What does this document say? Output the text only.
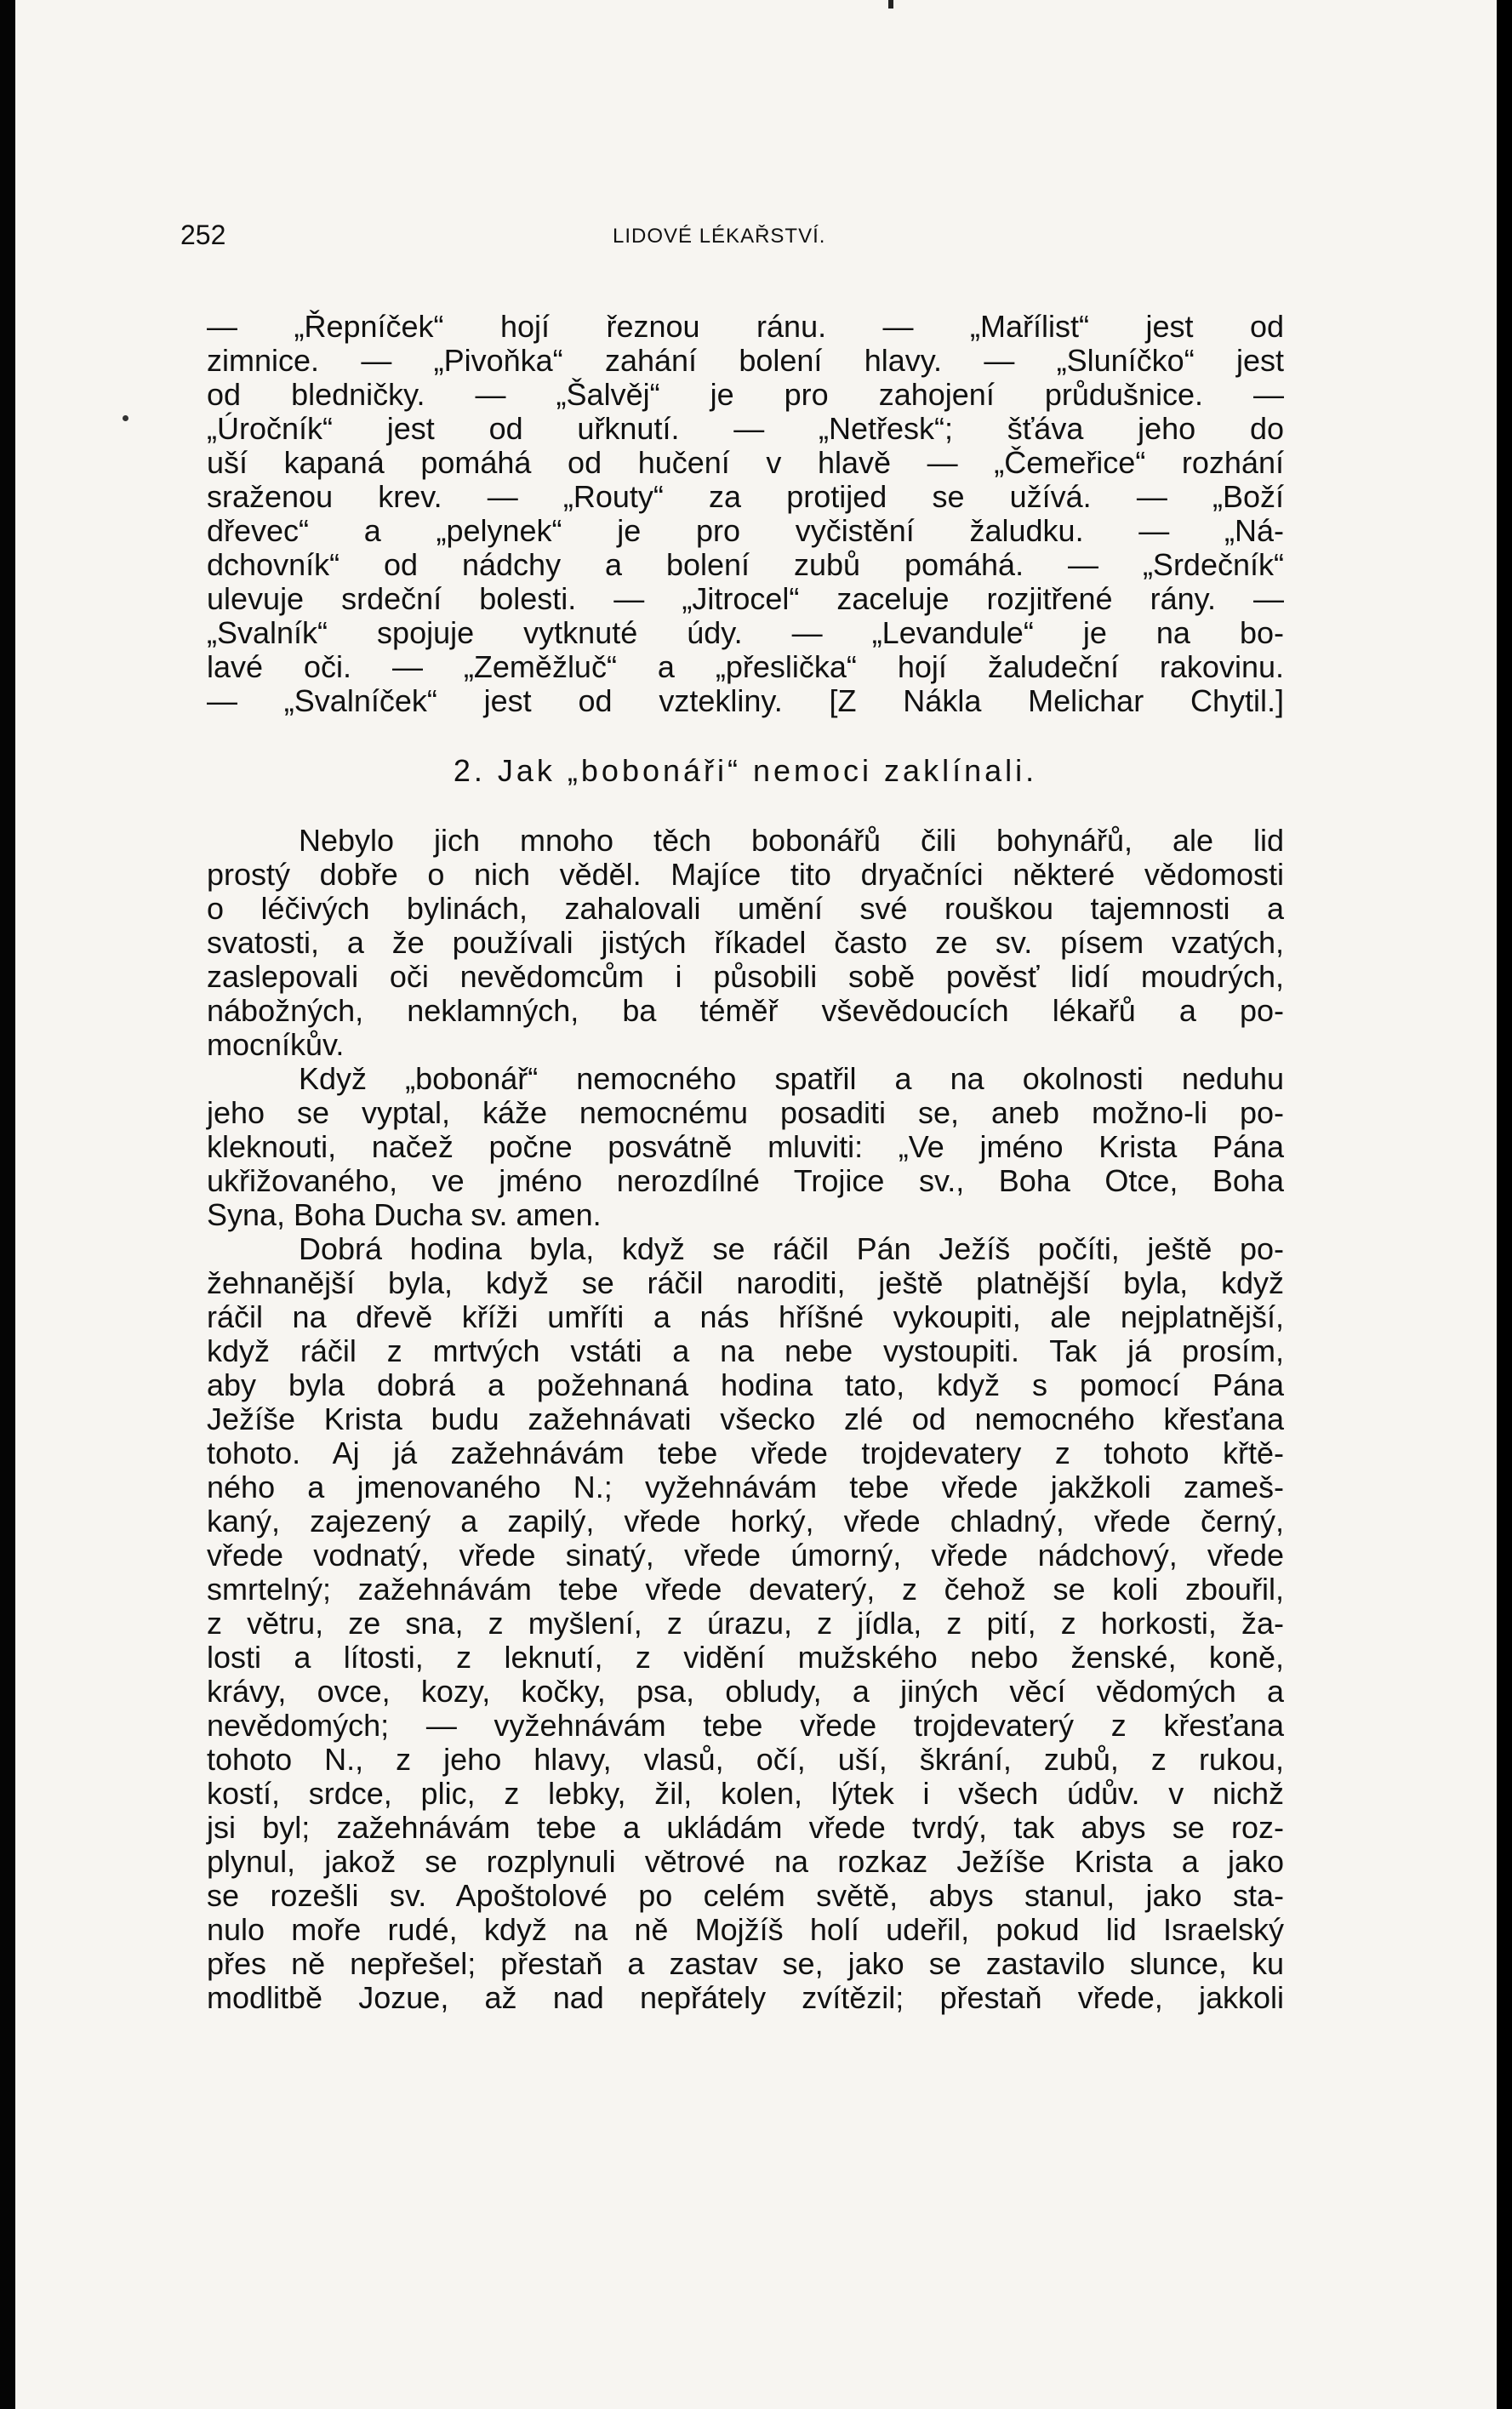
252	LIDOVÉ LÉKAŘSTVÍ.
— „Řepníček“ hojí řeznou ránu. — „Mařílist“ jest od
zimnice. — „Pivoňka“ zahání bolení hlavy. — „Sluníčko“ jest
od bledničky. — „Šalvěj“ je pro zahojení průdušnice. —
„Úročník“ jest od uřknutí. — „Netřesk“; šťáva jeho do
uší kapaná pomáhá od hučení v hlavě — „Čemeřice“ rozhání
sraženou krev. — „Routy“ za protijed se užívá. — „Boží
dřevec“ a „pelynek“ je pro vyčistění žaludku. — „Ná-
dchovník“ od nádchy a bolení zubů pomáhá. — „Srdečník“
ulevuje srdeční bolesti. — „Jitrocel“ zaceluje rozjitřené rány. —
„Svalník“ spojuje vytknuté údy. — „Levandule“ je na bo-
lavé oči. — „Zeměžluč“ a „přeslička“ hojí žaludeční rakovinu.
— „Svalníček“ jest od vztekliny. [Z Nákla Melichar Chytil.]
2. Jak „bobonáři“ nemoci zaklínali.
Nebylo jich mnoho těch bobonářů čili bohynářů, ale lid
prostý dobře o nich věděl. Majíce tito dryačníci některé vědomosti
o léčivých bylinách, zahalovali umění své rouškou tajemnosti a
svatosti, a že používali jistých říkadel často ze sv. písem vzatých,
zaslepovali oči nevědomcům i působili sobě pověsť lidí moudrých,
nábožných, neklamných, ba téměř vševědoucích lékařů a po-
mocníkův.
Když „bobonář“ nemocného spatřil a na okolnosti neduhu
jeho se vyptal, káže nemocnému posaditi se, aneb možno-li po-
kleknouti, načež počne posvátně mluviti: „Ve jméno Krista Pána
ukřižovaného, ve jméno nerozdílné Trojice sv., Boha Otce, Boha
Syna, Boha Ducha sv. amen.
Dobrá hodina byla, když se ráčil Pán Ježíš počíti, ještě po-
žehnanější byla, když se ráčil naroditi, ještě platnější byla, když
ráčil na dřevě kříži umříti a nás hříšné vykoupiti, ale nejplatnější,
když ráčil z mrtvých vstáti a na nebe vystoupiti. Tak já prosím,
aby byla dobrá a požehnaná hodina tato, když s pomocí Pána
Ježíše Krista budu zažehnávati všecko zlé od nemocného křesťana
tohoto. Aj já zažehnávám tebe vřede trojdevatery z tohoto křtě-
ného a jmenovaného N.; vyžehnávám tebe vřede jakžkoli zameš-
kaný, zajezený a zapilý, vřede horký, vřede chladný, vřede černý,
vřede vodnatý, vřede sinatý, vřede úmorný, vřede nádchový, vřede
smrtelný; zažehnávám tebe vřede devaterý, z čehož se koli zbouřil,
z větru, ze sna, z myšlení, z úrazu, z jídla, z pití, z horkosti, ža-
losti a lítosti, z leknutí, z vidění mužského nebo ženské, koně,
krávy, ovce, kozy, kočky, psa, obludy, a jiných věcí vědomých a
nevědomých; — vyžehnávám tebe vřede trojdevaterý z křesťana
tohoto N., z jeho hlavy, vlasů, očí, uší, škrání, zubů, z rukou,
kostí, srdce, plic, z lebky, žil, kolen, lýtek i všech údův. v nichž
jsi byl; zažehnávám tebe a ukládám vřede tvrdý, tak abys se roz-
plynul, jakož se rozplynuli větrové na rozkaz Ježíše Krista a jako
se rozešli sv. Apoštolové po celém světě, abys stanul, jako sta-
nulo moře rudé, když na ně Mojžíš holí udeřil, pokud lid Israelský
přes ně nepřešel; přestaň a zastav se, jako se zastavilo slunce, ku
modlitbě Jozue, až nad nepřátely zvítězil; přestaň vřede, jakkoli
